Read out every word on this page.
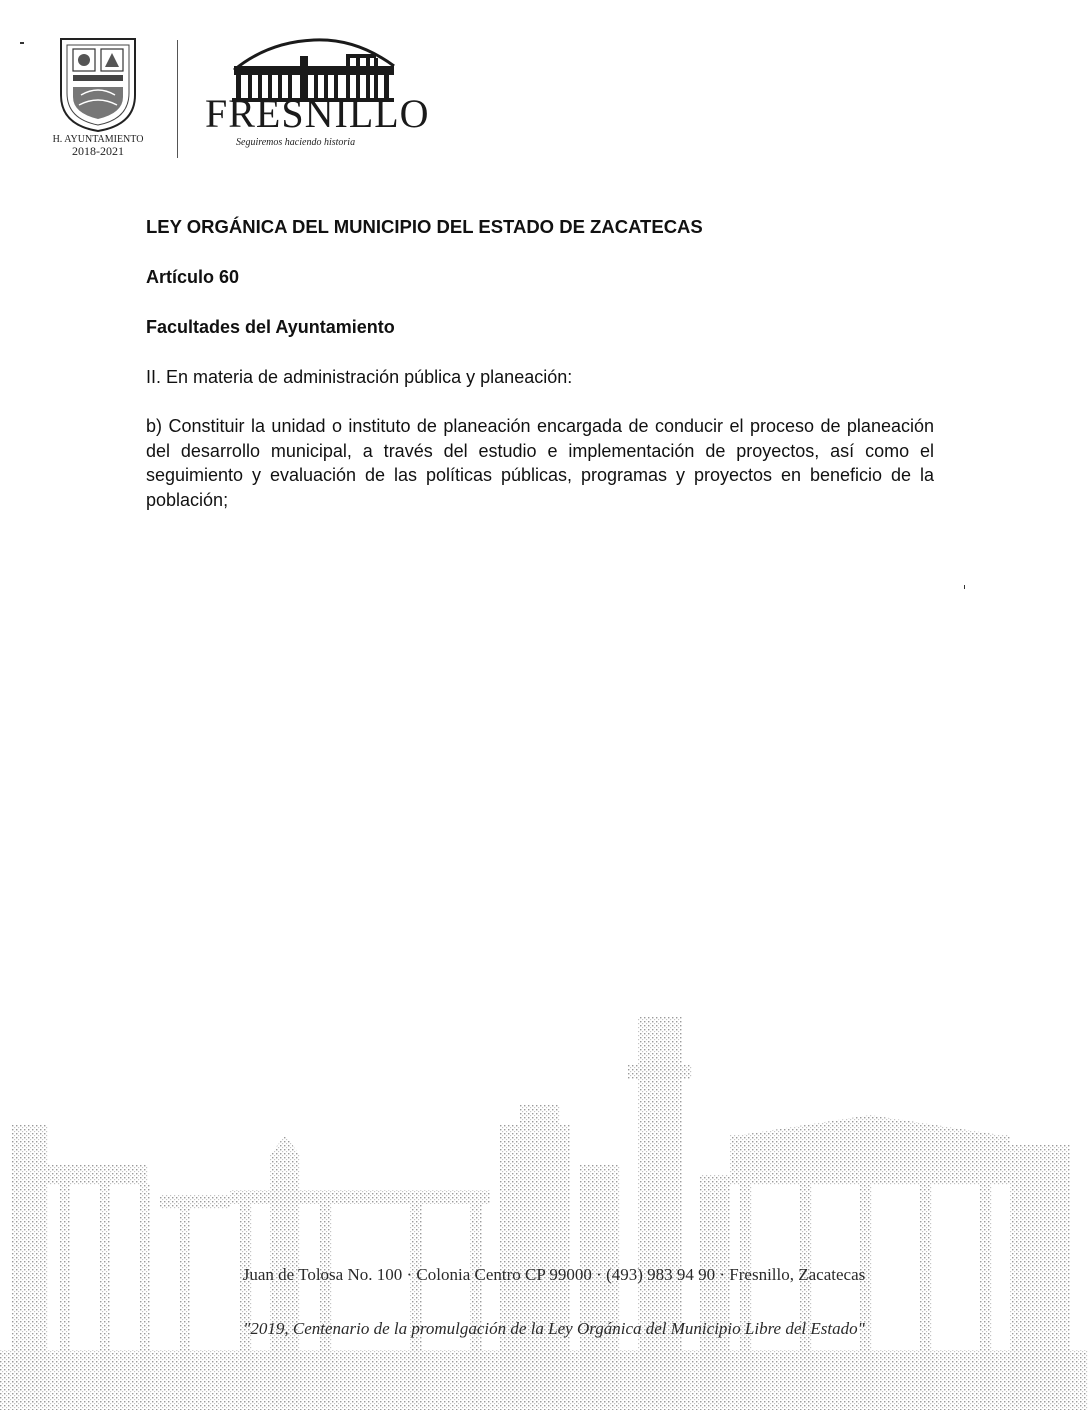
H. AYUNTAMIENTO
2018-2021
FRESNILLO
Seguiremos haciendo historia

LEY ORGÁNICA DEL MUNICIPIO DEL ESTADO DE ZACATECAS

Artículo 60

Facultades del Ayuntamiento

II. En materia de administración pública y planeación:

b) Constituir la unidad o instituto de planeación encargada de conducir el proceso de planeación del desarrollo municipal, a través del estudio e implementación de proyectos, así como el seguimiento y evaluación de las políticas públicas, programas y proyectos en beneficio de la población;

Juan de Tolosa No. 100 · Colonia Centro CP 99000 · (493) 983 94 90 · Fresnillo, Zacatecas
"2019, Centenario de la promulgación de la Ley Orgánica del Municipio Libre del Estado"
